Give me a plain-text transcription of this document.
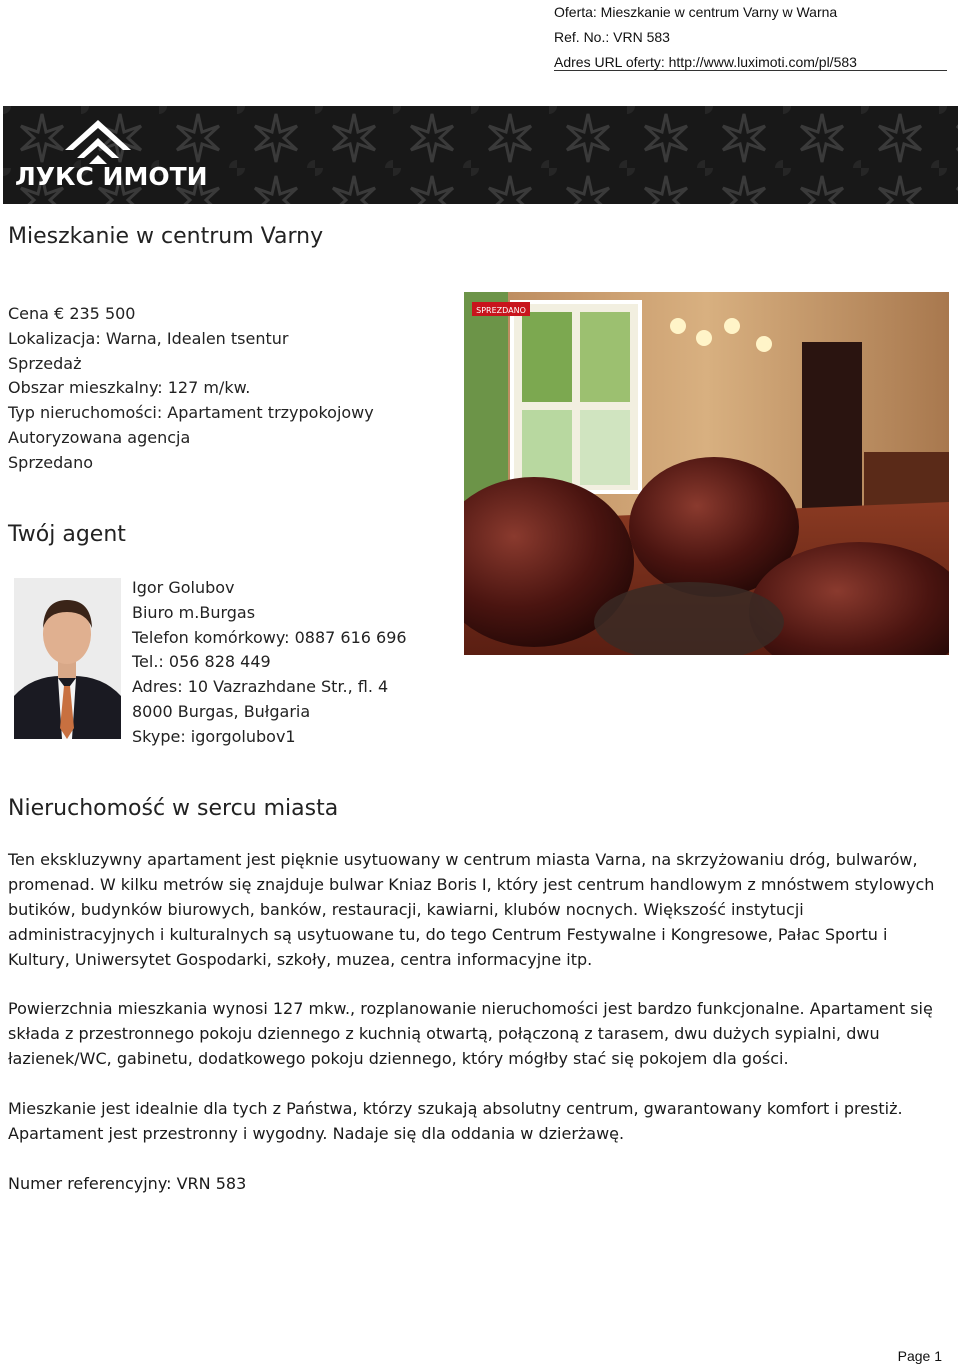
Oferta: Mieszkanie w centrum Varny w Warna
Ref. No.: VRN 583
Adres URL oferty: http://www.luximoti.com/pl/583
ЛУКС ИМОТИ
Mieszkanie w centrum Varny
Cena € 235 500
Lokalizacja: Warna, Idealen tsentur
Sprzedaż
Obszar mieszkalny: 127 m/kw.
Typ nieruchomości: Apartament trzypokojowy
Autoryzowana agencja
Sprzedano
SPREZDANO
Twój agent
Igor Golubov
Biuro m.Burgas
Telefon komórkowy: 0887 616 696
Tel.: 056 828 449
Adres: 10 Vazrazhdane Str., fl. 4
8000 Burgas, Bułgaria
Skype: igorgolubov1
Nieruchomość w sercu miasta

Ten ekskluzywny apartament jest pięknie usytuowany w centrum miasta Varna, na skrzyżowaniu dróg, bulwarów, promenad. W kilku metrów się znajduje bulwar Kniaz Boris I, który jest centrum handlowym z mnóstwem stylowych butików, budynków biurowych, banków, restauracji, kawiarni, klubów nocnych. Większość instytucji administracyjnych i kulturalnych są usytuowane tu, do tego Centrum Festywalne i Kongresowe, Pałac Sportu i Kultury, Uniwersytet Gospodarki, szkoły, muzea, centra informacyjne itp.

Powierzchnia mieszkania wynosi 127 mkw., rozplanowanie nieruchomości jest bardzo funkcjonalne. Apartament się składa z przestronnego pokoju dziennego z kuchnią otwartą, połączoną z tarasem, dwu dużych sypialni, dwu łazienek/WC, gabinetu, dodatkowego pokoju dziennego, który mógłby stać się pokojem dla gości.

Mieszkanie jest idealnie dla tych z Państwa, którzy szukają absolutny centrum, gwarantowany komfort i prestiż. Apartament jest przestronny i wygodny. Nadaje się dla oddania w dzierżawę.

Numer referencyjny: VRN 583

Page 1
